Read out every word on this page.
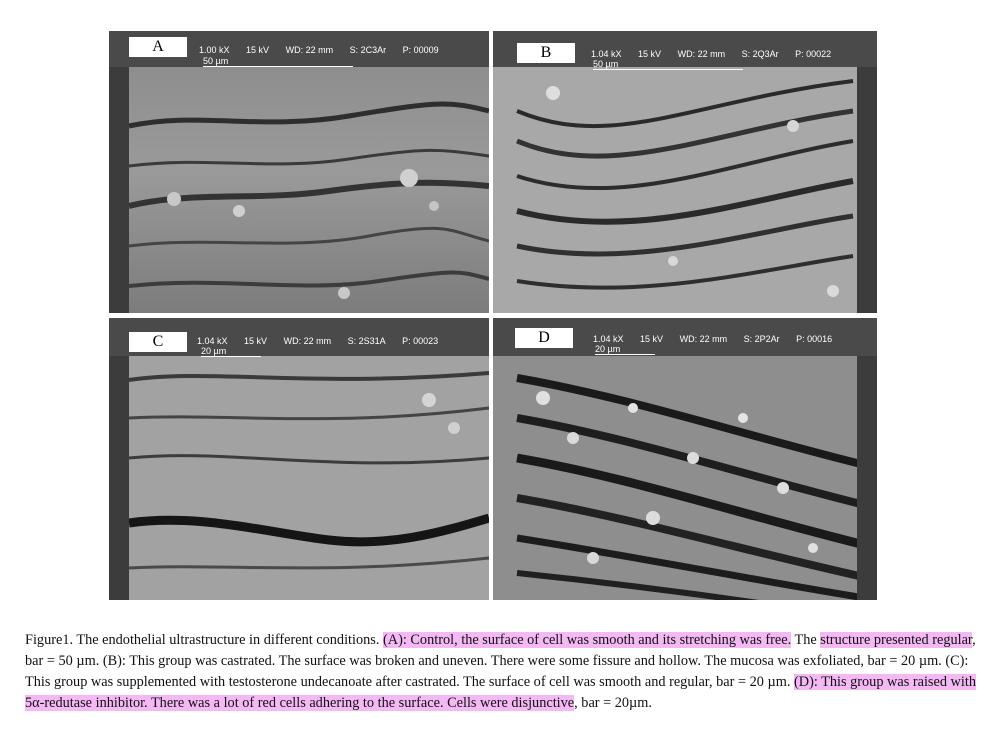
A	1.00 kX 15 kV WD: 22 mm S: 2C3Ar P: 00009
50 µm	B	1.04 kX 15 kV WD: 22 mm S: 2Q3Ar P: 00022
50 µm
C	1.04 kX 15 kV WD: 22 mm S: 2S31A P: 00023
20 µm
D	1.04 kX 15 kV WD: 22 mm S: 2P2Ar P: 00016
20 µm

Figure1. The endothelial ultrastructure in different conditions. (A): Control, the surface of cell was smooth and its stretching was free. The structure presented regular, bar = 50 µm. (B): This group was castrated. The surface was broken and uneven. There were some fissure and hollow. The mucosa was exfoliated, bar = 20 µm. (C): This group was supplemented with testosterone undecanoate after castrated. The surface of cell was smooth and regular, bar = 20 µm. (D): This group was raised with 5α-redutase inhibitor. There was a lot of red cells adhering to the surface. Cells were disjunctive, bar = 20µm.
